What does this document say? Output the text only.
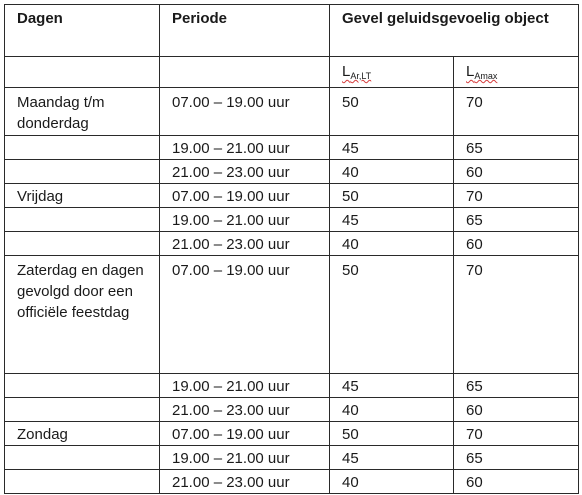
Dagen	Periode	Gevel geluidsgevoelig object	
		$L_{Ar,LT}$	$L_{Amax}$
Maandag t/m donderdag	07.00 – 19.00 uur	50	70
	19.00 – 21.00 uur	45	65
	21.00 – 23.00 uur	40	60
Vrijdag	07.00 – 19.00 uur	50	70
	19.00 – 21.00 uur	45	65
	21.00 – 23.00 uur	40	60
Zaterdag en dagen gevolgd door een officiële feestdag	07.00 – 19.00 uur	50	70
	19.00 – 21.00 uur	45	65
	21.00 – 23.00 uur	40	60
Zondag	07.00 – 19.00 uur	50	70
	19.00 – 21.00 uur	45	65
	21.00 – 23.00 uur	40	60
